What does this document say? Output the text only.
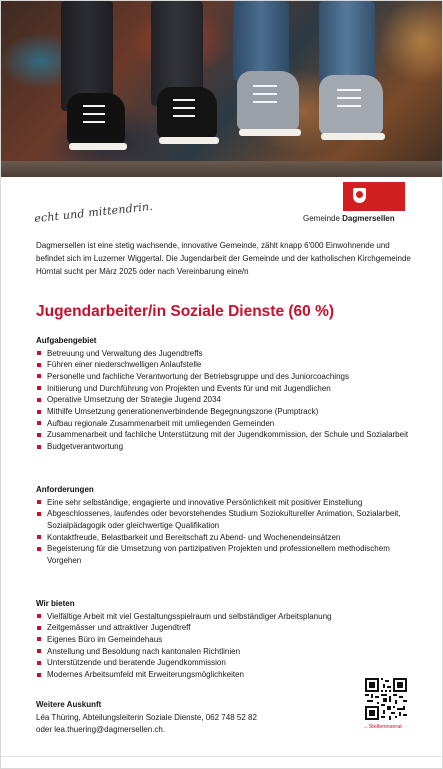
echt und mittendrin.	Gemeinde Dagmersellen

Dagmersellen ist eine stetig wachsende, innovative Gemeinde, zählt knapp 6'000 Einwohnende und befindet sich im Luzerner Wiggertal. Die Jugendarbeit der Gemeinde und der katholischen Kirchgemeinde Hürntal sucht per März 2025 oder nach Vereinbarung eine/n

Jugendarbeiter/in Soziale Dienste (60 %)
Aufgabengebiet
Betreuung und Verwaltung des Jugendtreffs
Führen einer niederschwelligen Anlaufstelle
Personelle und fachliche Verantwortung der Betriebsgruppe und des Juniorcoachings
Initiierung und Durchführung von Projekten und Events für und mit Jugendlichen
Operative Umsetzung der Strategie Jugend 2034
Mithilfe Umsetzung generationenverbindende Begegnungszone (Pumptrack)
Aufbau regionale Zusammenarbeit mit umliegenden Gemeinden
Zusammenarbeit und fachliche Unterstützung mit der Jugendkommission, der Schule und Sozialarbeit
Budgetverantwortung
Anforderungen
Eine sehr selbständige, engagierte und innovative Persönlichkeit mit positiver Einstellung
Abgeschlossenes, laufendes oder bevorstehendes Studium Soziokultureller Animation, Sozialarbeit, Sozialpädagogik oder gleichwertige Qualifikation
Kontaktfreude, Belastbarkeit und Bereitschaft zu Abend- und Wochenendeinsätzen
Begeisterung für die Umsetzung von partizipativen Projekten und professionellem methodischem Vorgehen
Wir bieten
Vielfältige Arbeit mit viel Gestaltungsspielraum und selbständiger Arbeitsplanung
Zeitgemässer und attraktiver Jugendtreff
Eigenes Büro im Gemeindehaus
Anstellung und Besoldung nach kantonalen Richtlinien
Unterstützende und beratende Jugendkommission
Modernes Arbeitsumfeld mit Erweiterungsmöglichkeiten
Weitere Auskunft

Léa Thüring, Abteilungsleiterin Soziale Dienste, 062 748 52 82

oder lea.thuering@dagmersellen.ch.	→Stelleninserat
